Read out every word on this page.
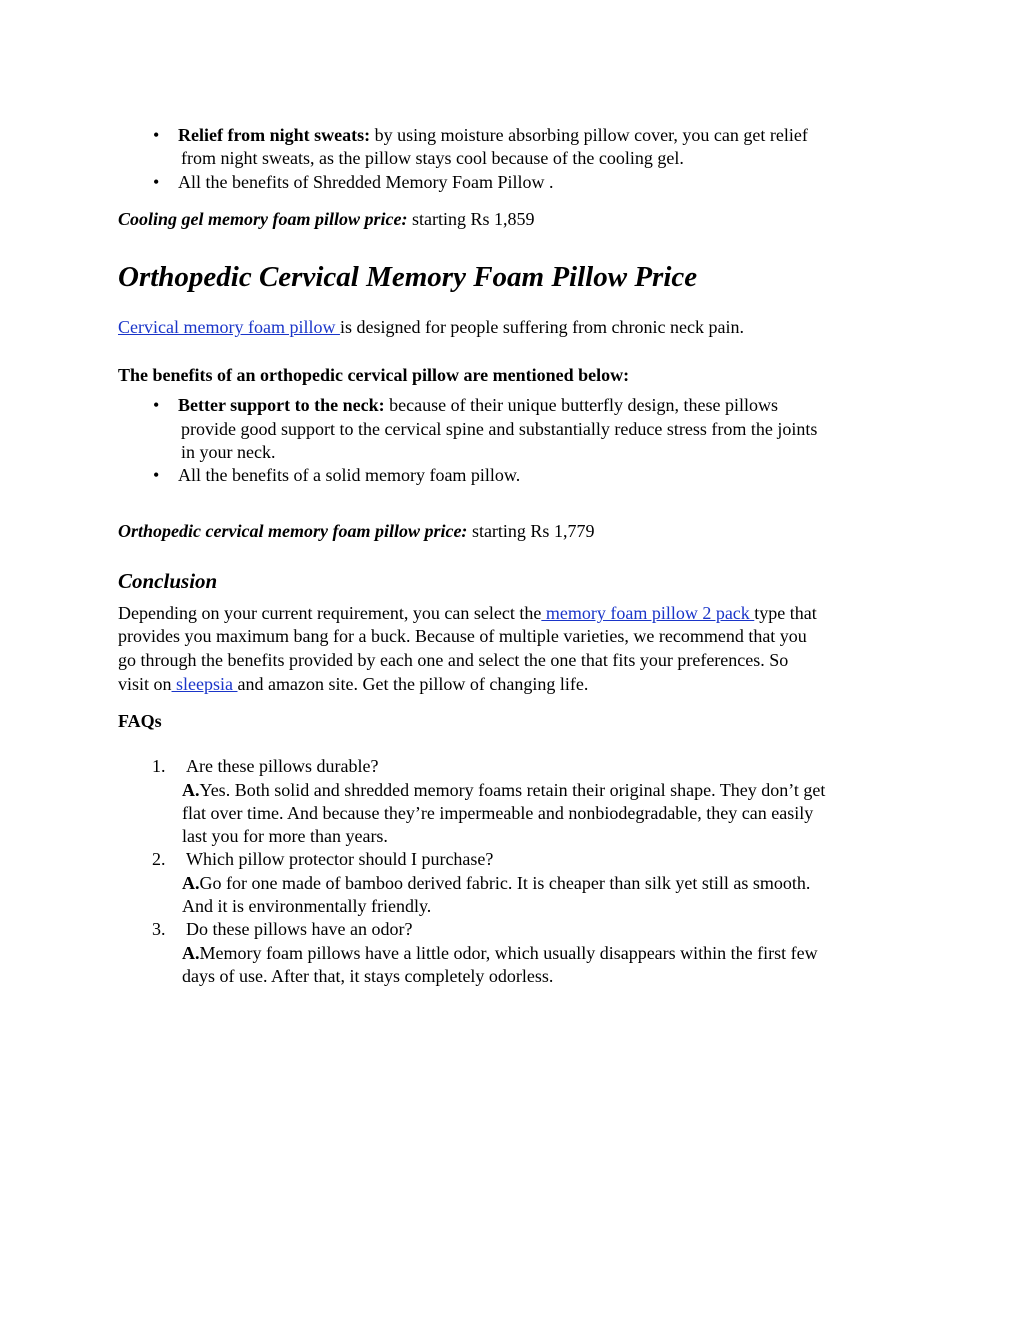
• Relief from night sweats: by using moisture absorbing pillow cover, you can get relief
from night sweats, as the pillow stays cool because of the cooling gel.
• All the benefits of Shredded Memory Foam Pillow .
Cooling gel memory foam pillow price: starting Rs 1,859
Orthopedic Cervical Memory Foam Pillow Price
Cervical memory foam pillow is designed for people suffering from chronic neck pain.
The benefits of an orthopedic cervical pillow are mentioned below:
• Better support to the neck: because of their unique butterfly design, these pillows
provide good support to the cervical spine and substantially reduce stress from the joints
in your neck.
• All the benefits of a solid memory foam pillow.
Orthopedic cervical memory foam pillow price: starting Rs 1,779
Conclusion
Depending on your current requirement, you can select the memory foam pillow 2 pack type that
provides you maximum bang for a buck. Because of multiple varieties, we recommend that you
go through the benefits provided by each one and select the one that fits your preferences. So
visit on sleepsia and amazon site. Get the pillow of changing life.
FAQs
1. Are these pillows durable?
A.Yes. Both solid and shredded memory foams retain their original shape. They don’t get
flat over time. And because they’re impermeable and nonbiodegradable, they can easily
last you for more than years.
2. Which pillow protector should I purchase?
A.Go for one made of bamboo derived fabric. It is cheaper than silk yet still as smooth.
And it is environmentally friendly.
3. Do these pillows have an odor?
A.Memory foam pillows have a little odor, which usually disappears within the first few
days of use. After that, it stays completely odorless.
